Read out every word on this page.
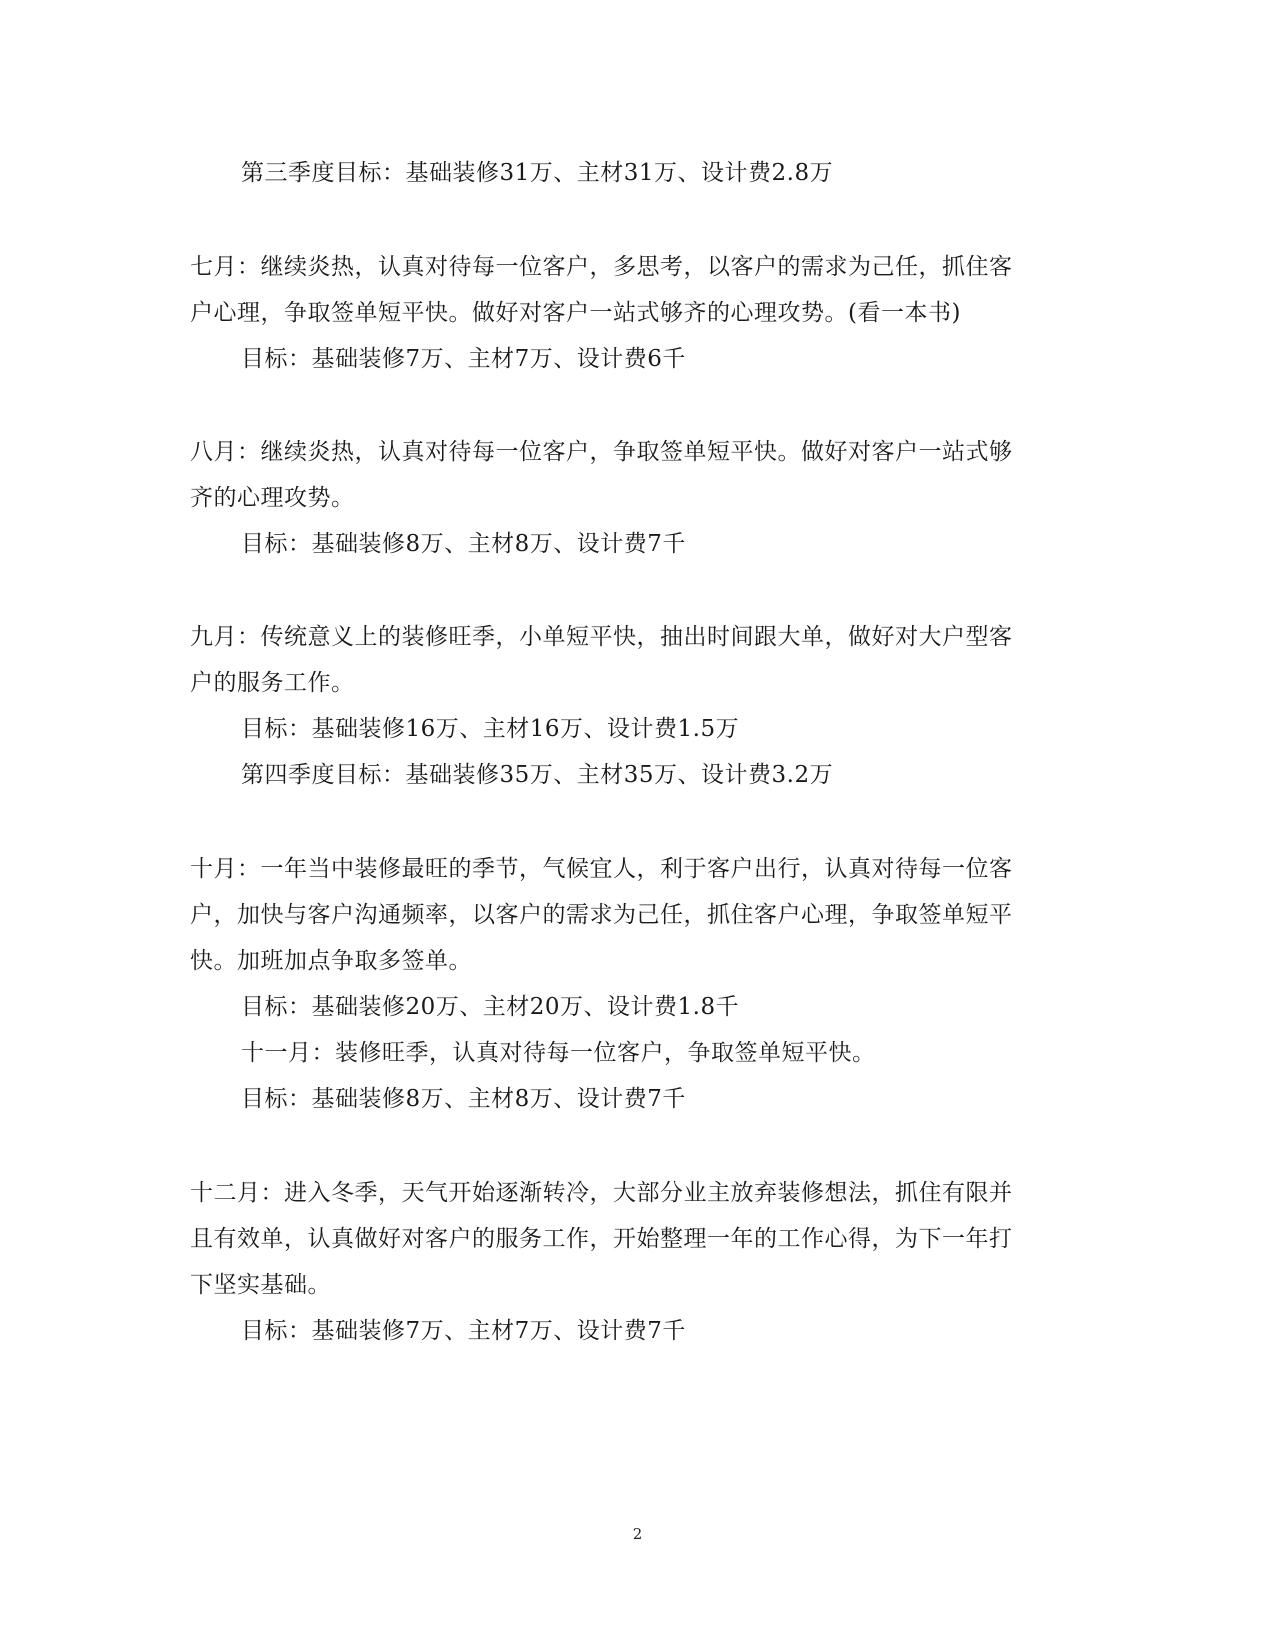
第三季度目标：基础装修31万、主材31万、设计费2.8万
七月：继续炎热，认真对待每一位客户，多思考，以客户的需求为己任，抓住客
户心理，争取签单短平快。做好对客户一站式够齐的心理攻势。(看一本书)
目标：基础装修7万、主材7万、设计费6千
八月：继续炎热，认真对待每一位客户，争取签单短平快。做好对客户一站式够
齐的心理攻势。
目标：基础装修8万、主材8万、设计费7千
九月：传统意义上的装修旺季，小单短平快，抽出时间跟大单，做好对大户型客
户的服务工作。
目标：基础装修16万、主材16万、设计费1.5万
第四季度目标：基础装修35万、主材35万、设计费3.2万
十月：一年当中装修最旺的季节，气候宜人，利于客户出行，认真对待每一位客
户，加快与客户沟通频率，以客户的需求为己任，抓住客户心理，争取签单短平
快。加班加点争取多签单。
目标：基础装修20万、主材20万、设计费1.8千
十一月：装修旺季，认真对待每一位客户，争取签单短平快。
目标：基础装修8万、主材8万、设计费7千
十二月：进入冬季，天气开始逐渐转冷，大部分业主放弃装修想法，抓住有限并
且有效单，认真做好对客户的服务工作，开始整理一年的工作心得，为下一年打
下坚实基础。
目标：基础装修7万、主材7万、设计费7千
2
